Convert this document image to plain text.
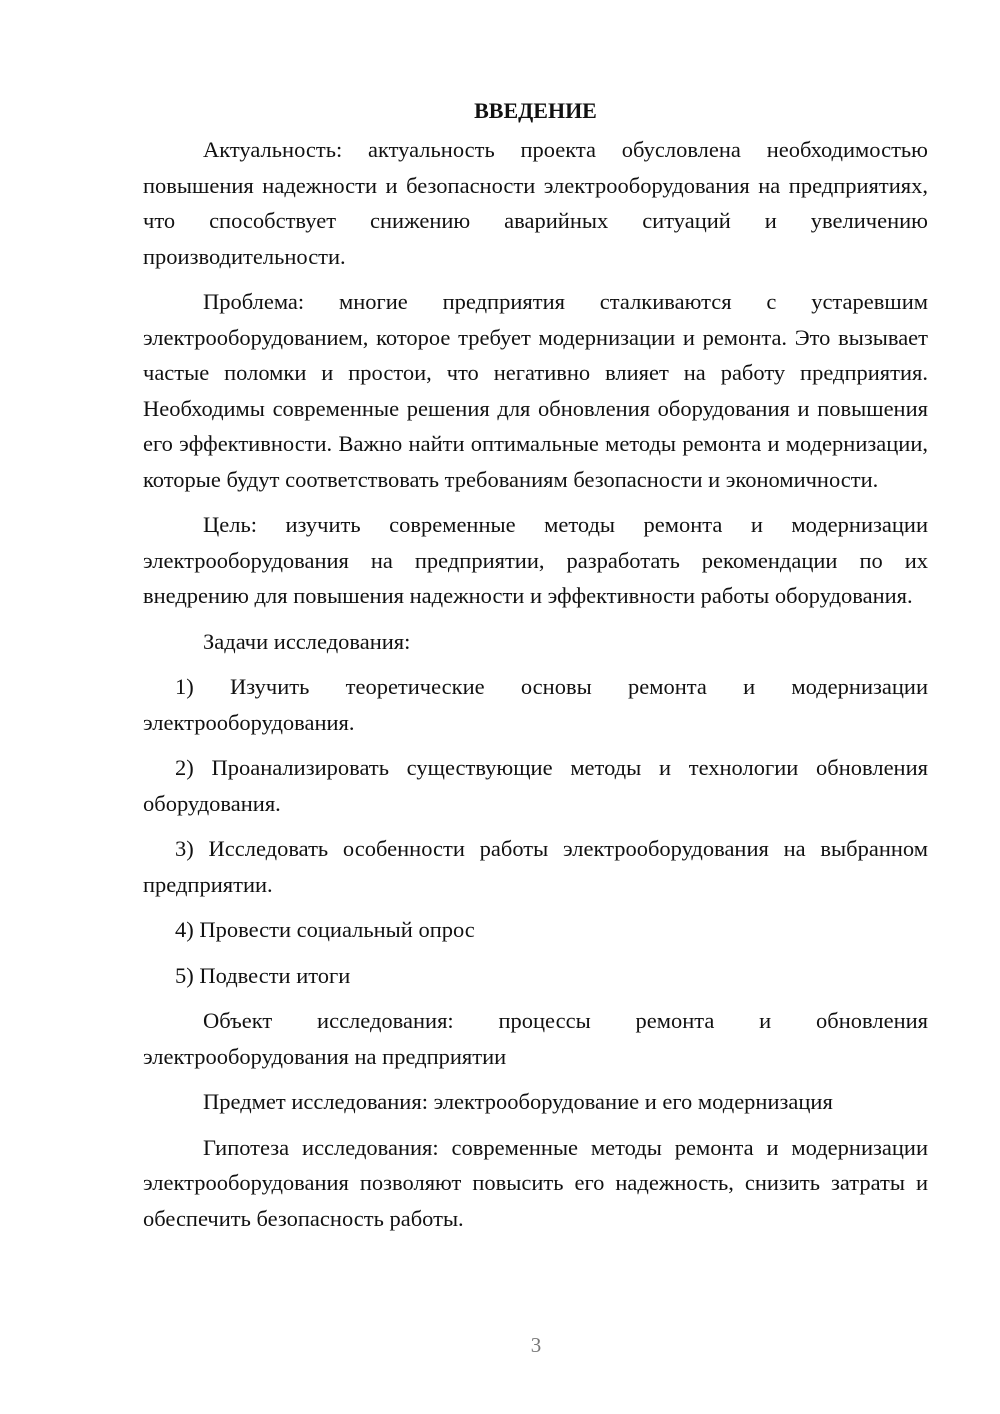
ВВЕДЕНИЕ

Актуальность: актуальность проекта обусловлена необходимостью повышения надежности и безопасности электрооборудования на предприятиях, что способствует снижению аварийных ситуаций и увеличению производительности.

Проблема: многие предприятия сталкиваются с устаревшим электрооборудованием, которое требует модернизации и ремонта. Это вызывает частые поломки и простои, что негативно влияет на работу предприятия. Необходимы современные решения для обновления оборудования и повышения его эффективности. Важно найти оптимальные методы ремонта и модернизации, которые будут соответствовать требованиям безопасности и экономичности.

Цель: изучить современные методы ремонта и модернизации электрооборудования на предприятии, разработать рекомендации по их внедрению для повышения надежности и эффективности работы оборудования.

Задачи исследования:

1) Изучить теоретические основы ремонта и модернизации электрооборудования.

2) Проанализировать существующие методы и технологии обновления оборудования.

3) Исследовать особенности работы электрооборудования на выбранном предприятии.

4) Провести социальный опрос

5) Подвести итоги

Объект исследования: процессы ремонта и обновления электрооборудования на предприятии

Предмет исследования: электрооборудование и его модернизация

Гипотеза исследования: современные методы ремонта и модернизации электрооборудования позволяют повысить его надежность, снизить затраты и обеспечить безопасность работы.

3
